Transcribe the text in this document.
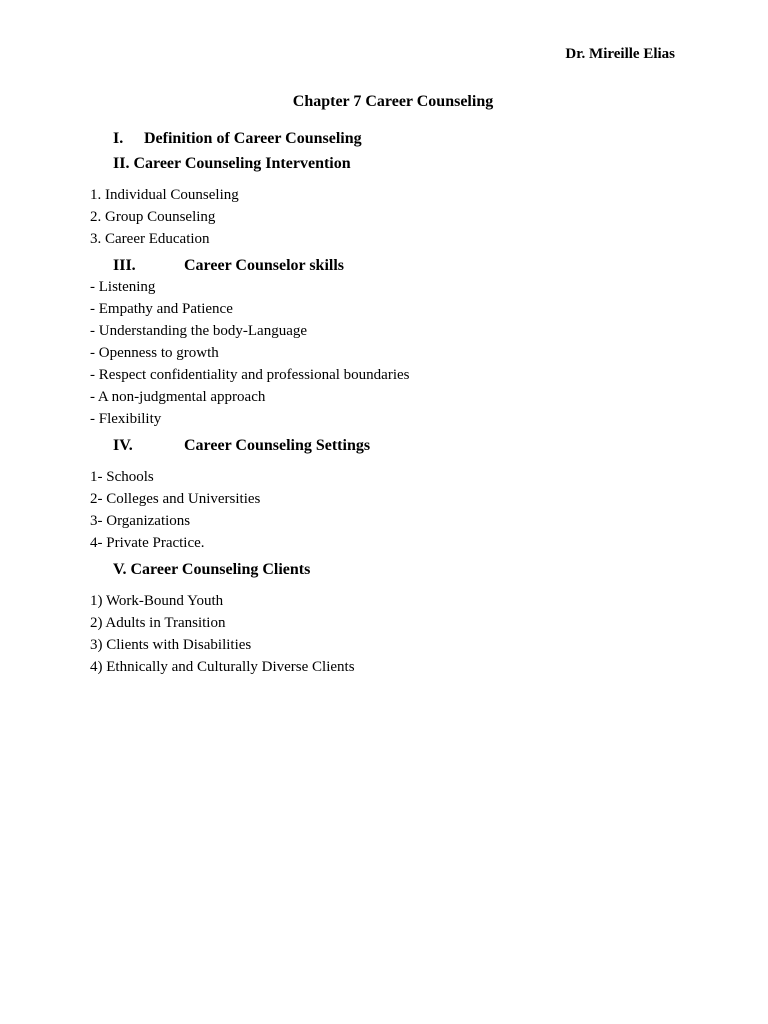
Dr. Mireille Elias
Chapter 7 Career Counseling
I. Definition of Career Counseling
II. Career Counseling Intervention
1. Individual Counseling
2. Group Counseling
3. Career Education
III.	Career Counselor skills
- Listening
- Empathy and Patience
- Understanding the body-Language
- Openness to growth
- Respect confidentiality and professional boundaries
- A non-judgmental approach
- Flexibility
IV.	Career Counseling Settings
1- Schools
2- Colleges and Universities
3- Organizations
4- Private Practice.
V. Career Counseling Clients
1) Work-Bound Youth
2) Adults in Transition
3) Clients with Disabilities
4) Ethnically and Culturally Diverse Clients
